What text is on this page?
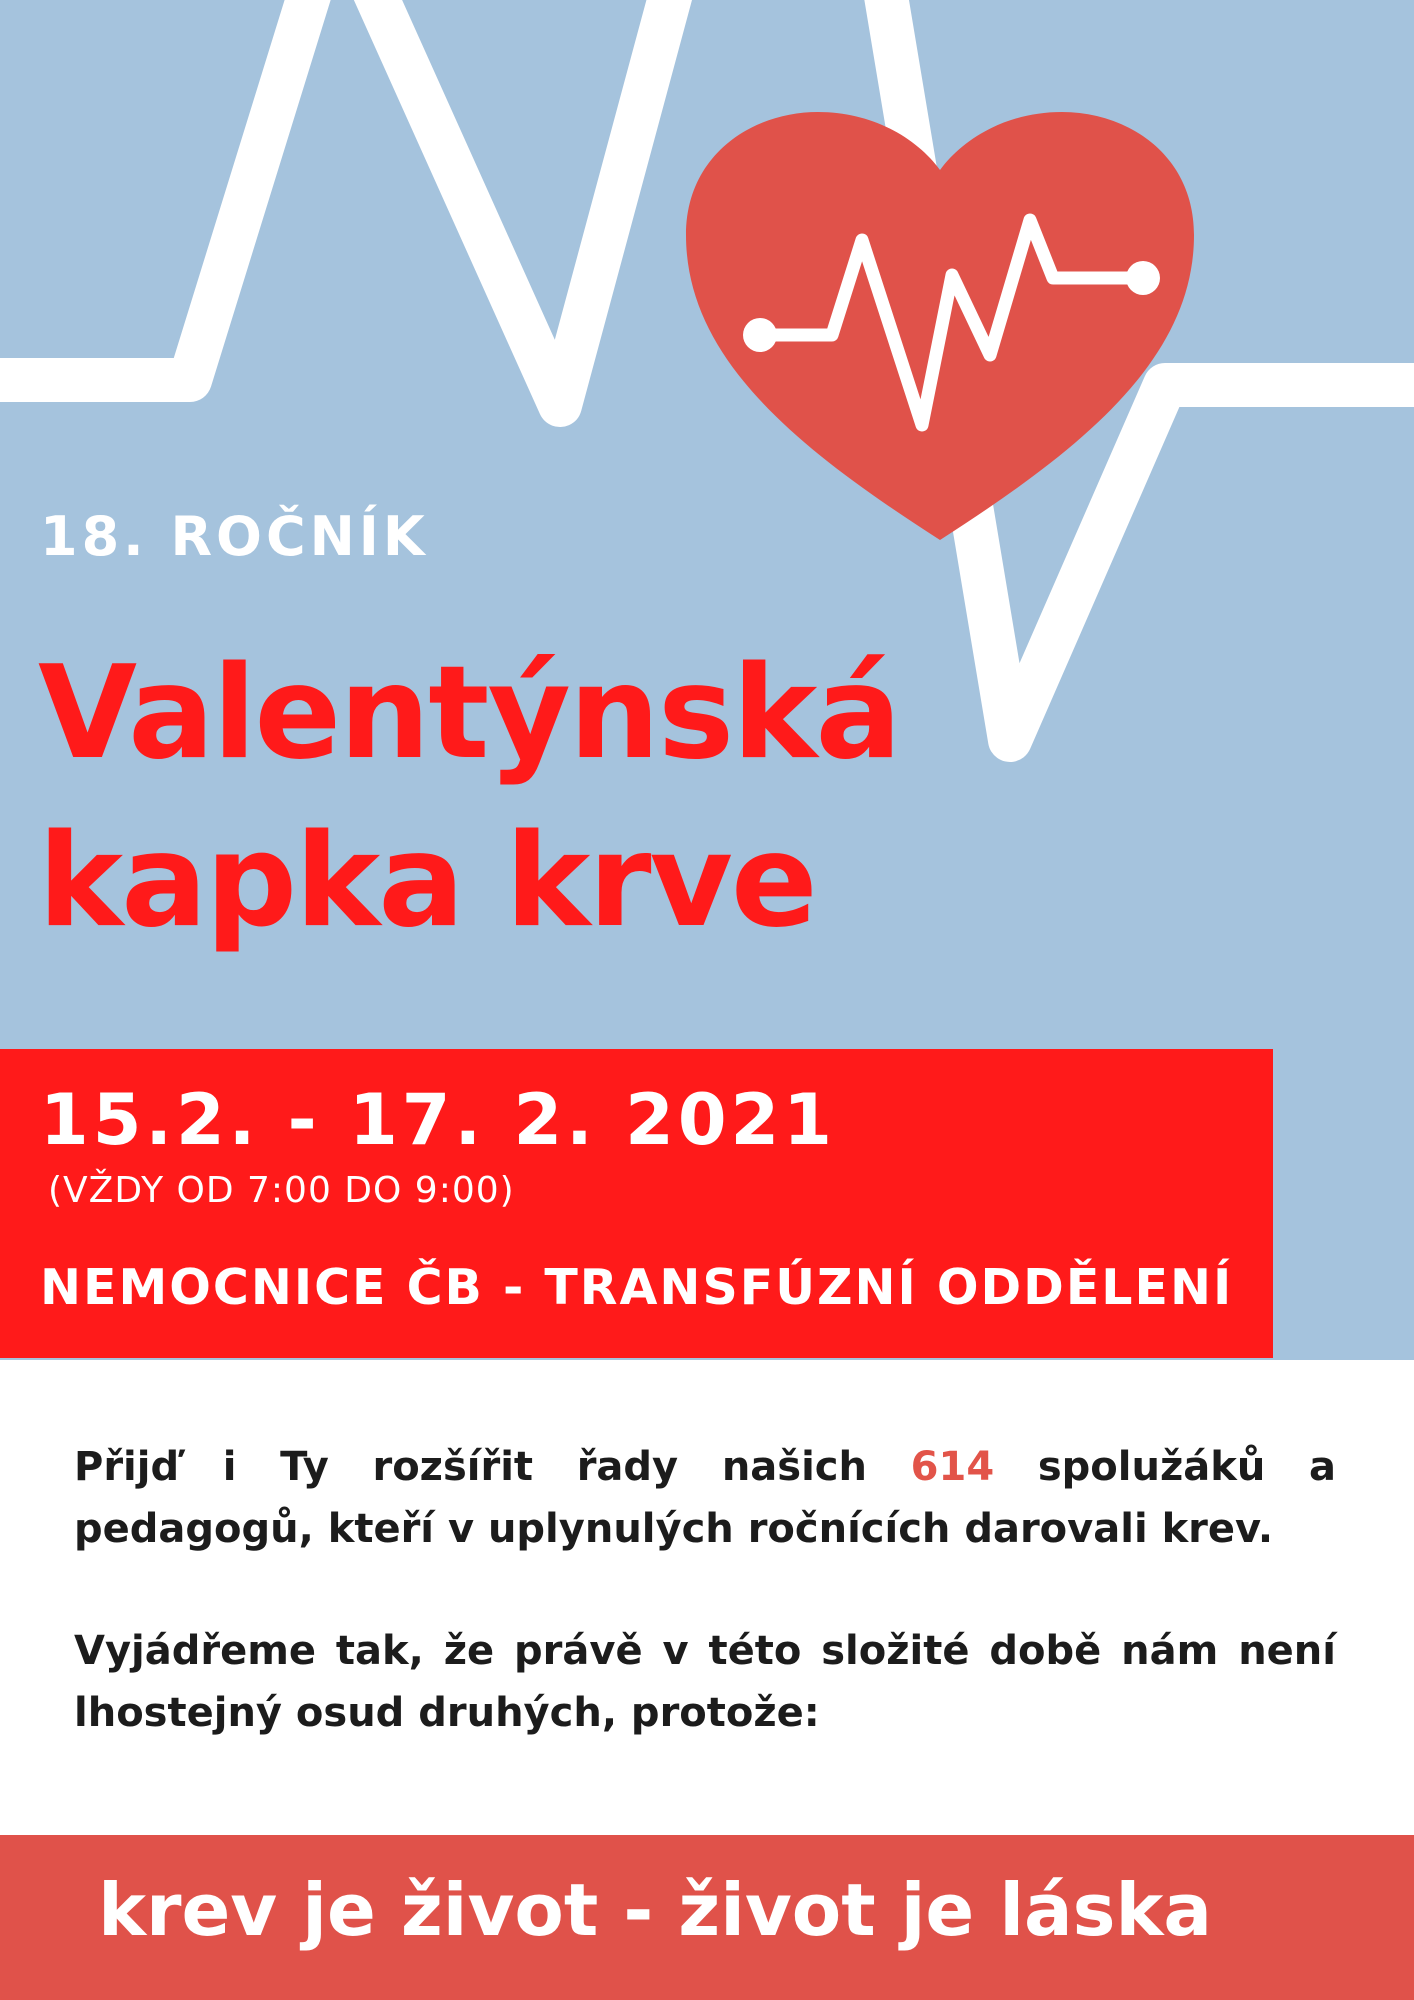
18. ROČNÍK

Valentýnská
kapka krve

15.2. - 17. 2. 2021

(VŽDY OD 7:00 DO 9:00)

NEMOCNICE ČB - TRANSFÚZNÍ ODDĚLENÍ

Přijď i Ty rozšířit řady našich 614 spolužáků a pedagogů, kteří v uplynulých ročnících darovali krev.

Vyjádřeme tak, že právě v této složité době nám není lhostejný osud druhých, protože:

krev je život - život je láska
